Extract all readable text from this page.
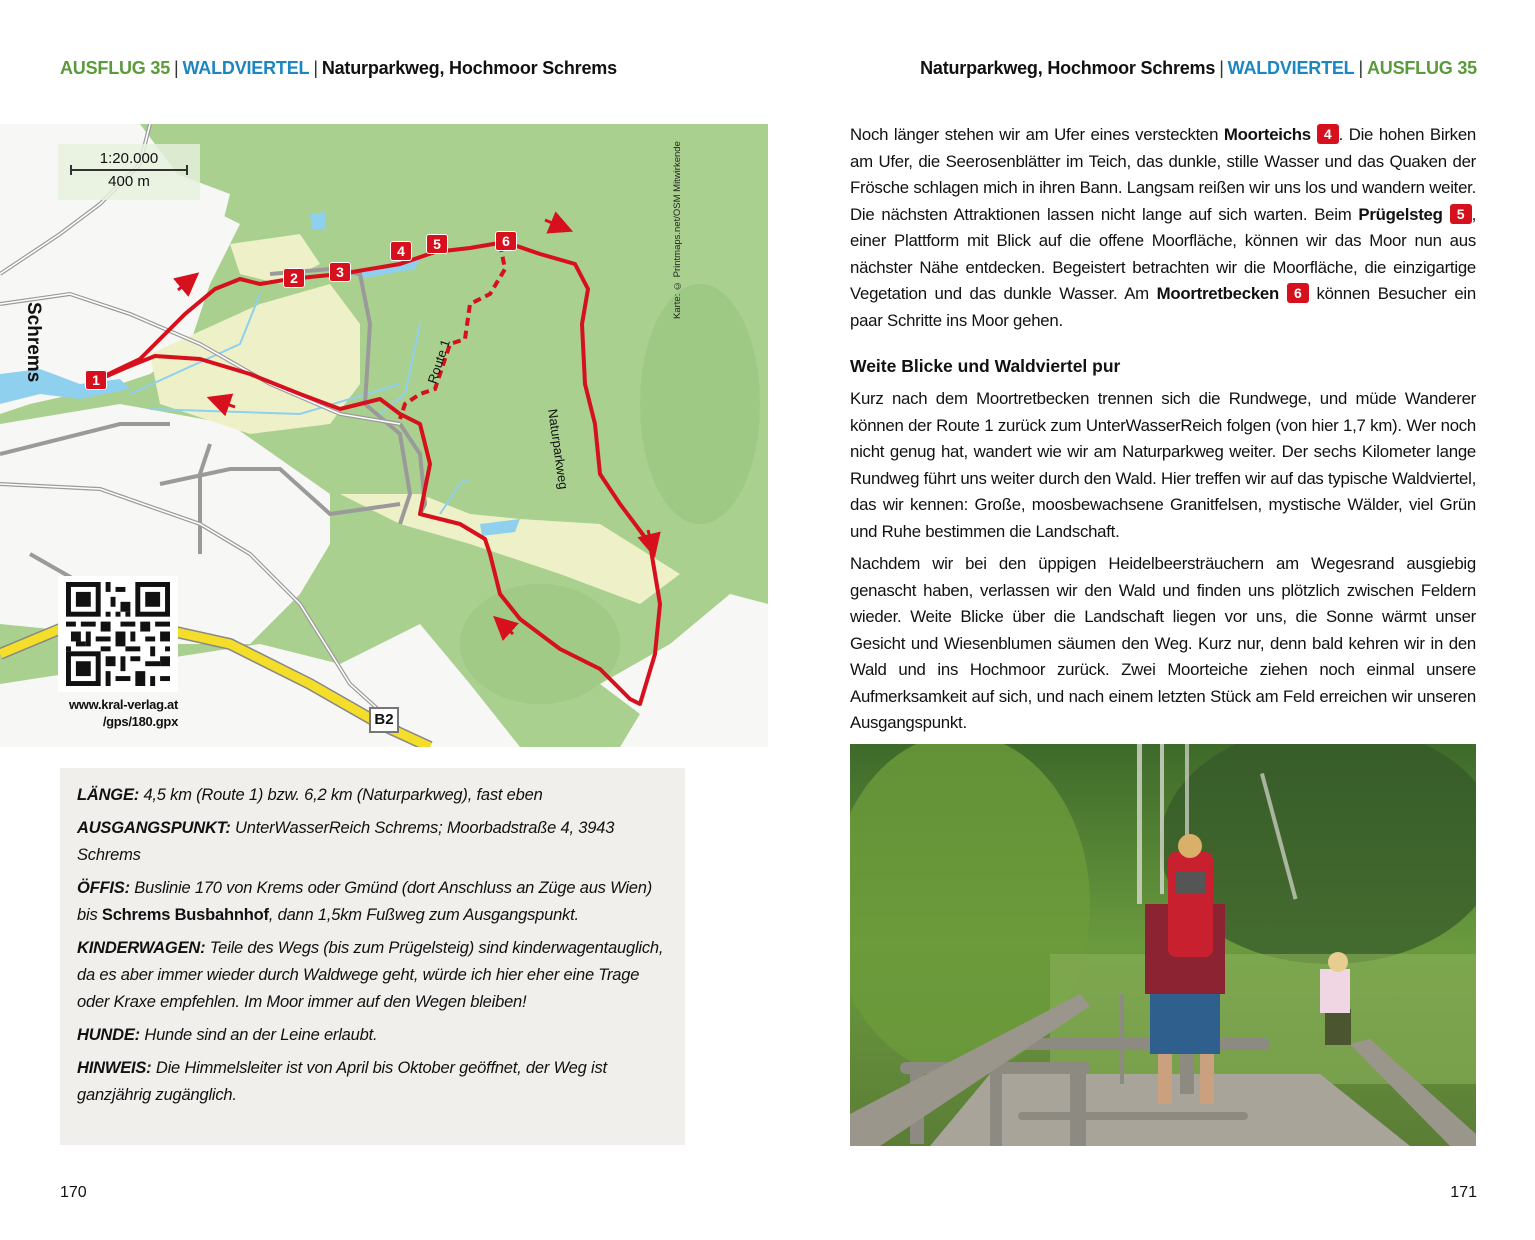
AUSFLUG 35 | WALDVIERTEL | Naturparkweg, Hochmoor Schrems	Naturparkweg, Hochmoor Schrems | WALDVIERTEL | AUSFLUG 35
1:20.000
400 m	Karte: © Printmaps.net/OSM Mitwirkende
Schrems	Route 1
Naturparkweg
1
2	3
4	5	6
B2
www.kral-verlag.at
/gps/180.gpx

LÄNGE: 4,5 km (Route 1) bzw. 6,2 km (Naturparkweg), fast eben

AUSGANGSPUNKT: UnterWasserReich Schrems; Moorbadstraße 4, 3943 Schrems

ÖFFIS: Buslinie 170 von Krems oder Gmünd (dort Anschluss an Züge aus Wien) bis Schrems Busbahnhof, dann 1,5km Fußweg zum Ausgangspunkt.

KINDERWAGEN: Teile des Wegs (bis zum Prügelsteig) sind kinderwagentauglich, da es aber immer wieder durch Waldwege geht, würde ich hier eher eine Trage oder Kraxe empfehlen. Im Moor immer auf den Wegen bleiben!

HUNDE: Hunde sind an der Leine erlaubt.

HINWEIS: Die Himmelsleiter ist von April bis Oktober geöffnet, der Weg ist ganzjährig zugänglich.

Noch länger stehen wir am Ufer eines versteckten Moorteichs 4 . Die hohen Birken am Ufer, die Seerosenblätter im Teich, das dunkle, stille Wasser und das Quaken der Frösche schlagen mich in ihren Bann. Langsam reißen wir uns los und wandern weiter. Die nächsten Attraktionen lassen nicht lange auf sich warten. Beim Prügelsteg 5 , einer Plattform mit Blick auf die offene Moorfläche, können wir das Moor nun aus nächster Nähe entdecken. Begeistert betrachten wir die Moorfläche, die einzigartige Vegetation und das dunkle Wasser. Am Moortretbecken 6 können Besucher ein paar Schritte ins Moor gehen.

Weite Blicke und Waldviertel pur

Kurz nach dem Moortretbecken trennen sich die Rundwege, und müde Wanderer können der Route 1 zurück zum UnterWasserReich folgen (von hier 1,7 km). Wer noch nicht genug hat, wandert wie wir am Naturparkweg weiter. Der sechs Kilometer lange Rundweg führt uns weiter durch den Wald. Hier treffen wir auf das typische Waldviertel, das wir kennen: Große, moosbewachsene Granitfelsen, mystische Wälder, viel Grün und Ruhe bestimmen die Landschaft.

Nachdem wir bei den üppigen Heidelbeersträuchern am Wegesrand ausgiebig genascht haben, verlassen wir den Wald und finden uns plötzlich zwischen Feldern wieder. Weite Blicke über die Landschaft liegen vor uns, die Sonne wärmt unser Gesicht und Wiesenblumen säumen den Weg. Kurz nur, denn bald kehren wir in den Wald und ins Hochmoor zurück. Zwei Moorteiche ziehen noch einmal unsere Aufmerksamkeit auf sich, und nach einem letzten Stück am Feld erreichen wir unseren Ausgangspunkt.

170	171
